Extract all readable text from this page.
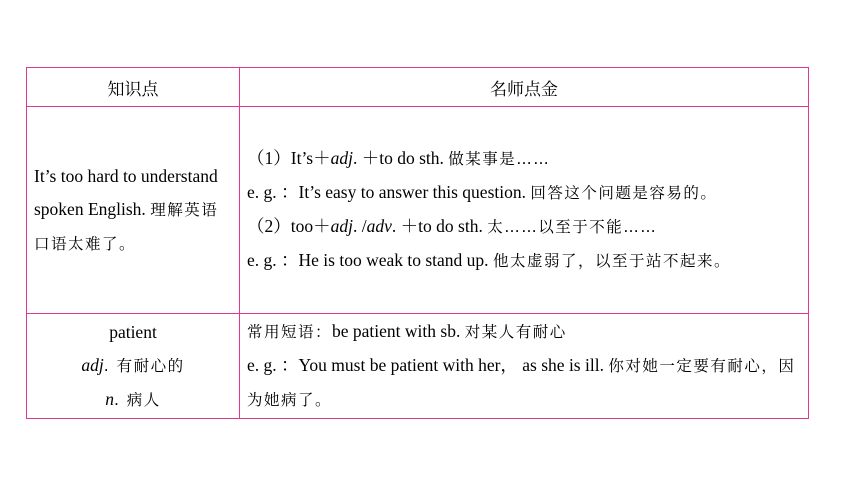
知识点	名师点金
It’s too hard to understand spoken English. 理解英语口语太难了。	（1）It’s＋adj. ＋to do sth. 做某事是……
e. g. ：It’s easy to answer this question. 回答这个问题是容易的。
（2）too＋adj. /adv. ＋to do sth. 太……以至于不能……
e. g. ：He is too weak to stand up. 他太虚弱了，以至于站不起来。

patient
adj. 有耐心的
n. 病人	常用短语：be patient with sb. 对某人有耐心
e. g. ：You must be patient with her， as she is ill. 你对她一定要有耐心，因为她病了。
